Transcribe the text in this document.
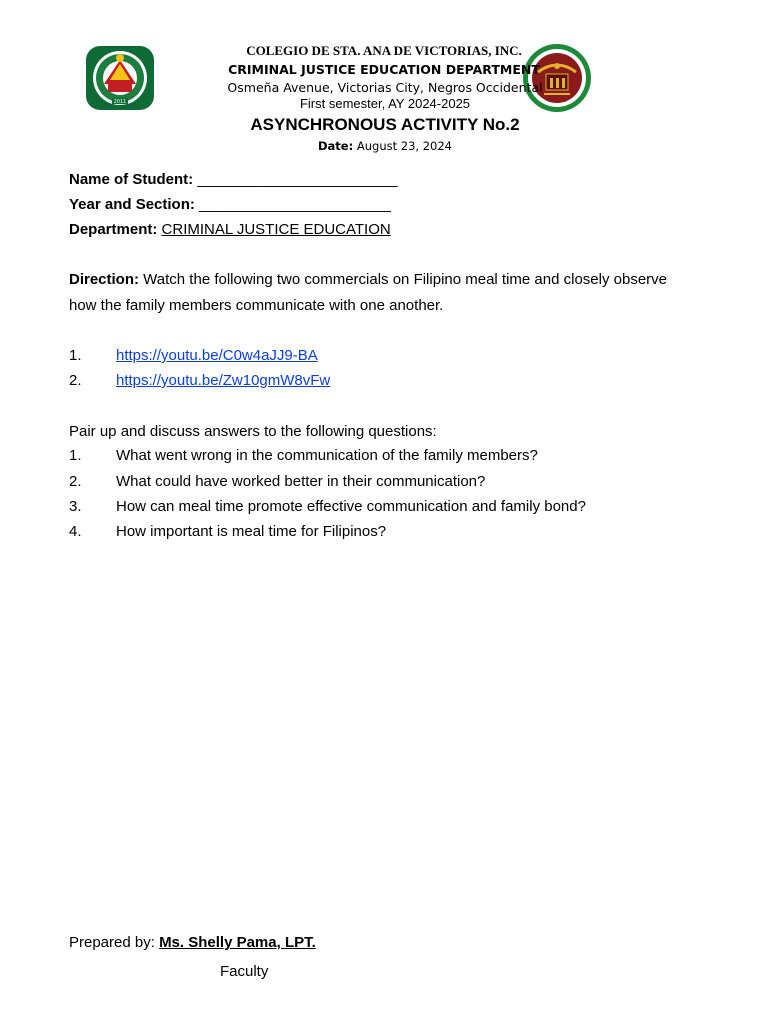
2011
COLEGIO DE STA. ANA DE VICTORIAS, INC.
CRIMINAL JUSTICE EDUCATION DEPARTMENT
Osmeña Avenue, Victorias City, Negros Occidental
First semester, AY 2024-2025
ASYNCHRONOUS ACTIVITY No.2
Date: August 23, 2024
Name of Student: ________________________
Year and Section: _______________________
Department: CRIMINAL JUSTICE EDUCATION
Direction: Watch the following two commercials on Filipino meal time and closely observe
how the family members communicate with one another.
1. https://youtu.be/C0w4aJJ9-BA
2. https://youtu.be/Zw10gmW8vFw
Pair up and discuss answers to the following questions:
1. What went wrong in the communication of the family members?
2. What could have worked better in their communication?
3. How can meal time promote effective communication and family bond?
4. How important is meal time for Filipinos?
Prepared by: Ms. Shelly Pama, LPT.
Faculty
